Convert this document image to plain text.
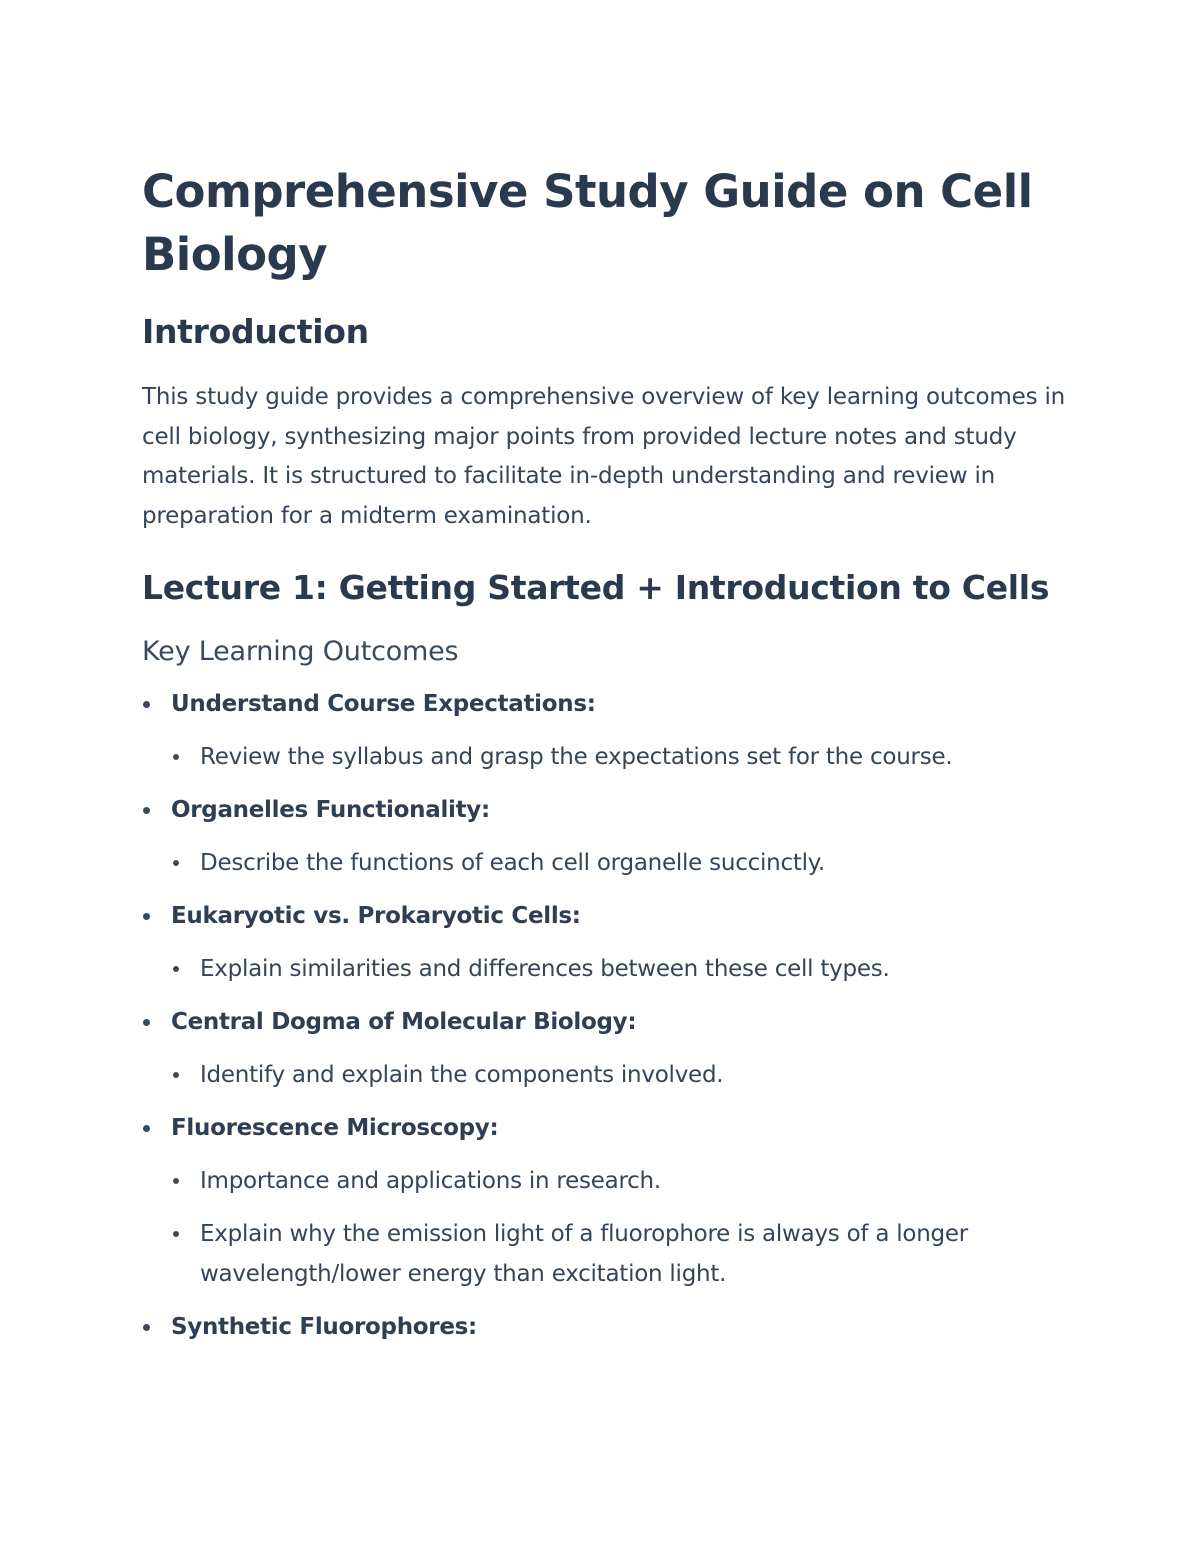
Comprehensive Study Guide on Cell Biology
Introduction

This study guide provides a comprehensive overview of key learning outcomes in cell biology, synthesizing major points from provided lecture notes and study materials. It is structured to facilitate in-depth understanding and review in preparation for a midterm examination.

Lecture 1: Getting Started + Introduction to Cells
Key Learning Outcomes
Understand Course Expectations:
Review the syllabus and grasp the expectations set for the course.
Organelles Functionality:
Describe the functions of each cell organelle succinctly.
Eukaryotic vs. Prokaryotic Cells:
Explain similarities and differences between these cell types.
Central Dogma of Molecular Biology:
Identify and explain the components involved.
Fluorescence Microscopy:
Importance and applications in research.
Explain why the emission light of a fluorophore is always of a longer wavelength/lower energy than excitation light.
Synthetic Fluorophores:
